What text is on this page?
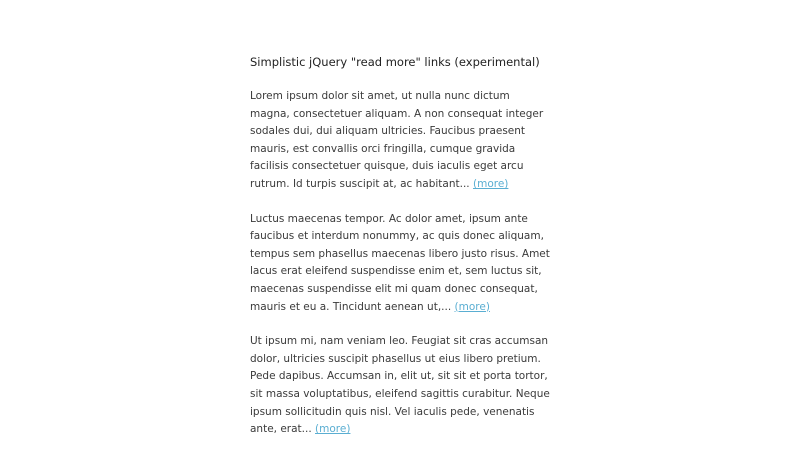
Simplistic jQuery "read more" links (experimental)

Lorem ipsum dolor sit amet, ut nulla nunc dictum magna, consectetuer aliquam. A non consequat integer sodales dui, dui aliquam ultricies. Faucibus praesent mauris, est convallis orci fringilla, cumque gravida facilisis consectetuer quisque, duis iaculis eget arcu rutrum. Id turpis suscipit at, ac habitant... (more)

Luctus maecenas tempor. Ac dolor amet, ipsum ante faucibus et interdum nonummy, ac quis donec aliquam, tempus sem phasellus maecenas libero justo risus. Amet lacus erat eleifend suspendisse enim et, sem luctus sit, maecenas suspendisse elit mi quam donec consequat, mauris et eu a. Tincidunt aenean ut,... (more)

Ut ipsum mi, nam veniam leo. Feugiat sit cras accumsan dolor, ultricies suscipit phasellus ut eius libero pretium. Pede dapibus. Accumsan in, elit ut, sit sit et porta tortor, sit massa voluptatibus, eleifend sagittis curabitur. Neque ipsum sollicitudin quis nisl. Vel iaculis pede, venenatis ante, erat... (more)
